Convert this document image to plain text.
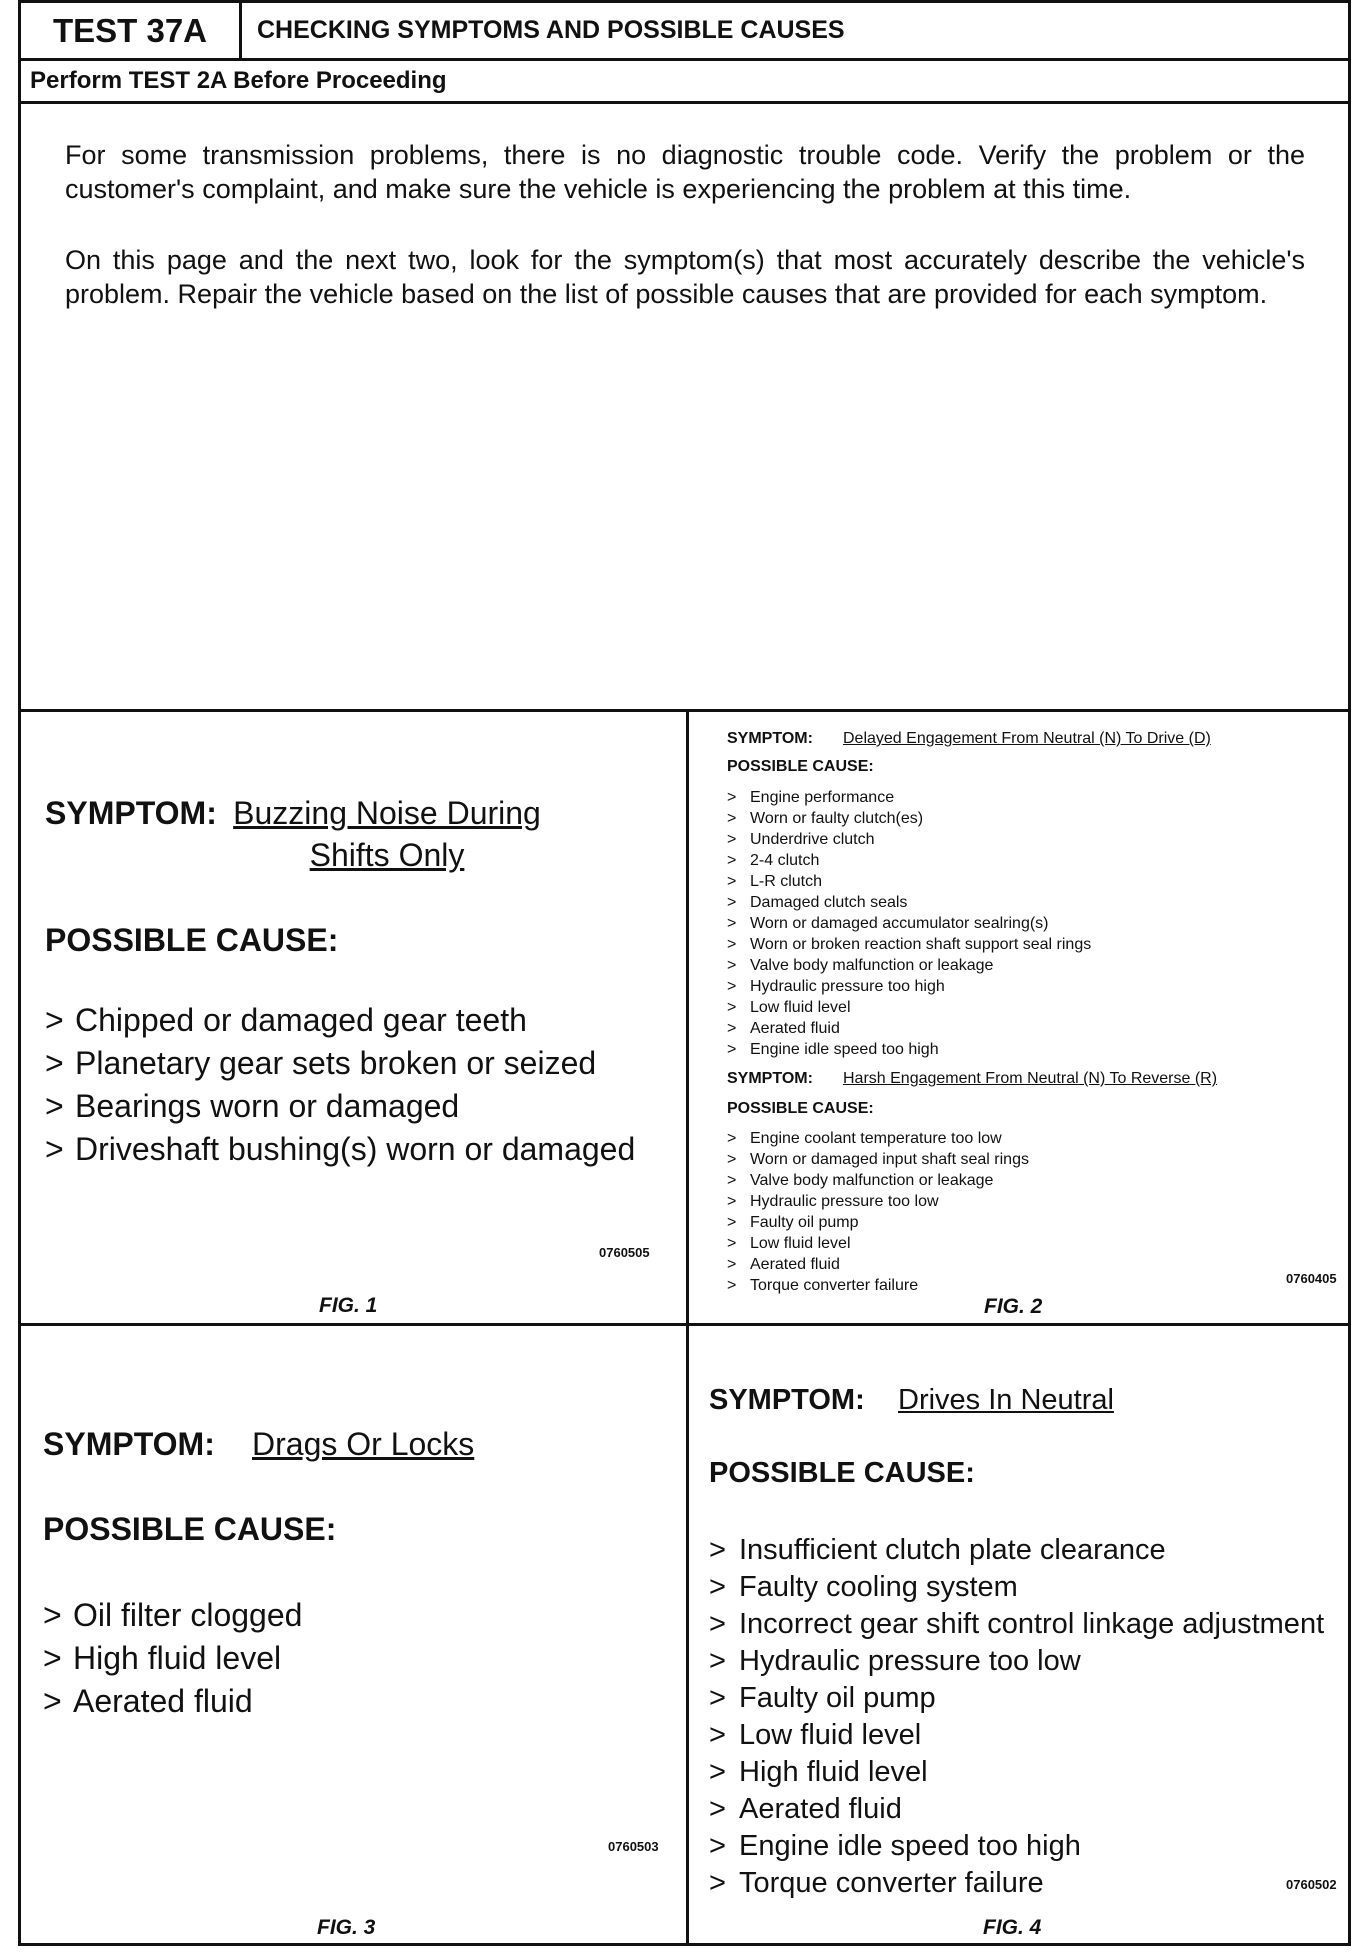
TEST 37A	CHECKING SYMPTOMS AND POSSIBLE CAUSES
Perform TEST 2A Before Proceeding

For some transmission problems, there is no diagnostic trouble code. Verify the problem or the customer's complaint, and make sure the vehicle is experiencing the problem at this time.

On this page and the next two, look for the symptom(s) that most accurately describe the vehicle's problem. Repair the vehicle based on the list of possible causes that are provided for each symptom.

SYMPTOM: Buzzing Noise During
Shifts Only
POSSIBLE CAUSE:
> Chipped or damaged gear teeth
> Planetary gear sets broken or seized
> Bearings worn or damaged
> Driveshaft bushing(s) worn or damaged
0760505
FIG. 1
SYMPTOM: Delayed Engagement From Neutral (N) To Drive (D)
POSSIBLE CAUSE:
> Engine performance
> Worn or faulty clutch(es)
> Underdrive clutch
> 2-4 clutch
> L-R clutch
> Damaged clutch seals
> Worn or damaged accumulator sealring(s)
> Worn or broken reaction shaft support seal rings
> Valve body malfunction or leakage
> Hydraulic pressure too high
> Low fluid level
> Aerated fluid
> Engine idle speed too high
SYMPTOM: Harsh Engagement From Neutral (N) To Reverse (R)
POSSIBLE CAUSE:
> Engine coolant temperature too low
> Worn or damaged input shaft seal rings
> Valve body malfunction or leakage
> Hydraulic pressure too low
> Faulty oil pump
> Low fluid level
> Aerated fluid
> Torque converter failure	0760405
FIG. 2
SYMPTOM: Drags Or Locks
POSSIBLE CAUSE:
> Oil filter clogged
> High fluid level
> Aerated fluid
0760503
FIG. 3
SYMPTOM: Drives In Neutral
POSSIBLE CAUSE:
> Insufficient clutch plate clearance
> Faulty cooling system
> Incorrect gear shift control linkage adjustment
> Hydraulic pressure too low
> Faulty oil pump
> Low fluid level
> High fluid level
> Aerated fluid
> Engine idle speed too high
> Torque converter failure	0760502
FIG. 4
